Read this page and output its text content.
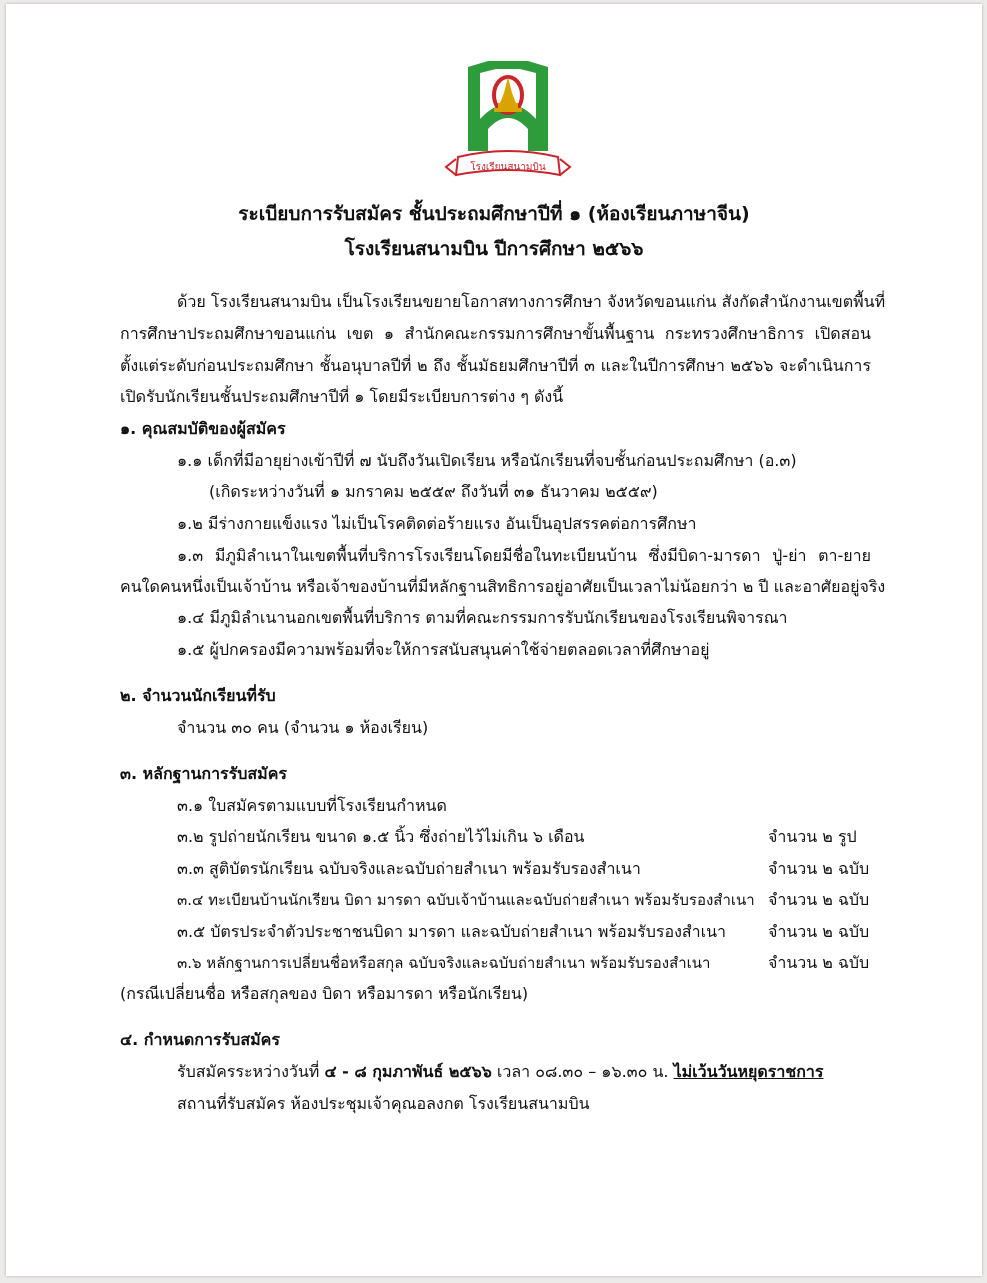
โรงเรียนสนามบิน
ระเบียบการรับสมัคร ชั้นประถมศึกษาปีที่ ๑ (ห้องเรียนภาษาจีน)
โรงเรียนสนามบิน ปีการศึกษา ๒๕๖๖
ด้วย โรงเรียนสนามบิน เป็นโรงเรียนขยายโอกาสทางการศึกษา จังหวัดขอนแก่น สังกัดสำนักงานเขตพื้นที่
การศึกษาประถมศึกษาขอนแก่น เขต ๑ สำนักคณะกรรมการศึกษาขั้นพื้นฐาน กระทรวงศึกษาธิการ เปิดสอน
ตั้งแต่ระดับก่อนประถมศึกษา ชั้นอนุบาลปีที่ ๒ ถึง ชั้นมัธยมศึกษาปีที่ ๓ และในปีการศึกษา ๒๕๖๖ จะดำเนินการ
เปิดรับนักเรียนชั้นประถมศึกษาปีที่ ๑ โดยมีระเบียบการต่าง ๆ ดังนี้
๑. คุณสมบัติของผู้สมัคร
๑.๑ เด็กที่มีอายุย่างเข้าปีที่ ๗ นับถึงวันเปิดเรียน หรือนักเรียนที่จบชั้นก่อนประถมศึกษา (อ.๓)
(เกิดระหว่างวันที่ ๑ มกราคม ๒๕๕๙ ถึงวันที่ ๓๑ ธันวาคม ๒๕๕๙)
๑.๒ มีร่างกายแข็งแรง ไม่เป็นโรคติดต่อร้ายแรง อันเป็นอุปสรรคต่อการศึกษา
๑.๓ มีภูมิลำเนาในเขตพื้นที่บริการโรงเรียนโดยมีชื่อในทะเบียนบ้าน ซึ่งมีบิดา-มารดา ปู่-ย่า ตา-ยาย
คนใดคนหนึ่งเป็นเจ้าบ้าน หรือเจ้าของบ้านที่มีหลักฐานสิทธิการอยู่อาศัยเป็นเวลาไม่น้อยกว่า ๒ ปี และอาศัยอยู่จริง
๑.๔ มีภูมิลำเนานอกเขตพื้นที่บริการ ตามที่คณะกรรมการรับนักเรียนของโรงเรียนพิจารณา
๑.๕ ผู้ปกครองมีความพร้อมที่จะให้การสนับสนุนค่าใช้จ่ายตลอดเวลาที่ศึกษาอยู่
๒. จำนวนนักเรียนที่รับ
จำนวน ๓๐ คน (จำนวน ๑ ห้องเรียน)
๓. หลักฐานการรับสมัคร
๓.๑ ใบสมัครตามแบบที่โรงเรียนกำหนด
๓.๒ รูปถ่ายนักเรียน ขนาด ๑.๕ นิ้ว ซึ่งถ่ายไว้ไม่เกิน ๖ เดือน	จำนวน ๒ รูป
๓.๓ สูติบัตรนักเรียน ฉบับจริงและฉบับถ่ายสำเนา พร้อมรับรองสำเนา	จำนวน ๒ ฉบับ
๓.๔ ทะเบียนบ้านนักเรียน บิดา มารดา ฉบับเจ้าบ้านและฉบับถ่ายสำเนา พร้อมรับรองสำเนา จำนวน ๒ ฉบับ
๓.๕ บัตรประจำตัวประชาชนบิดา มารดา และฉบับถ่ายสำเนา พร้อมรับรองสำเนา	จำนวน ๒ ฉบับ
๓.๖ หลักฐานการเปลี่ยนชื่อหรือสกุล ฉบับจริงและฉบับถ่ายสำเนา พร้อมรับรองสำเนา	จำนวน ๒ ฉบับ
(กรณีเปลี่ยนชื่อ หรือสกุลของ บิดา หรือมารดา หรือนักเรียน)
๔. กำหนดการรับสมัคร
รับสมัครระหว่างวันที่ ๔ - ๘ กุมภาพันธ์ ๒๕๖๖ เวลา ๐๘.๓๐ – ๑๖.๓๐ น. ไม่เว้นวันหยุดราชการ
สถานที่รับสมัคร ห้องประชุมเจ้าคุณอลงกต โรงเรียนสนามบิน
